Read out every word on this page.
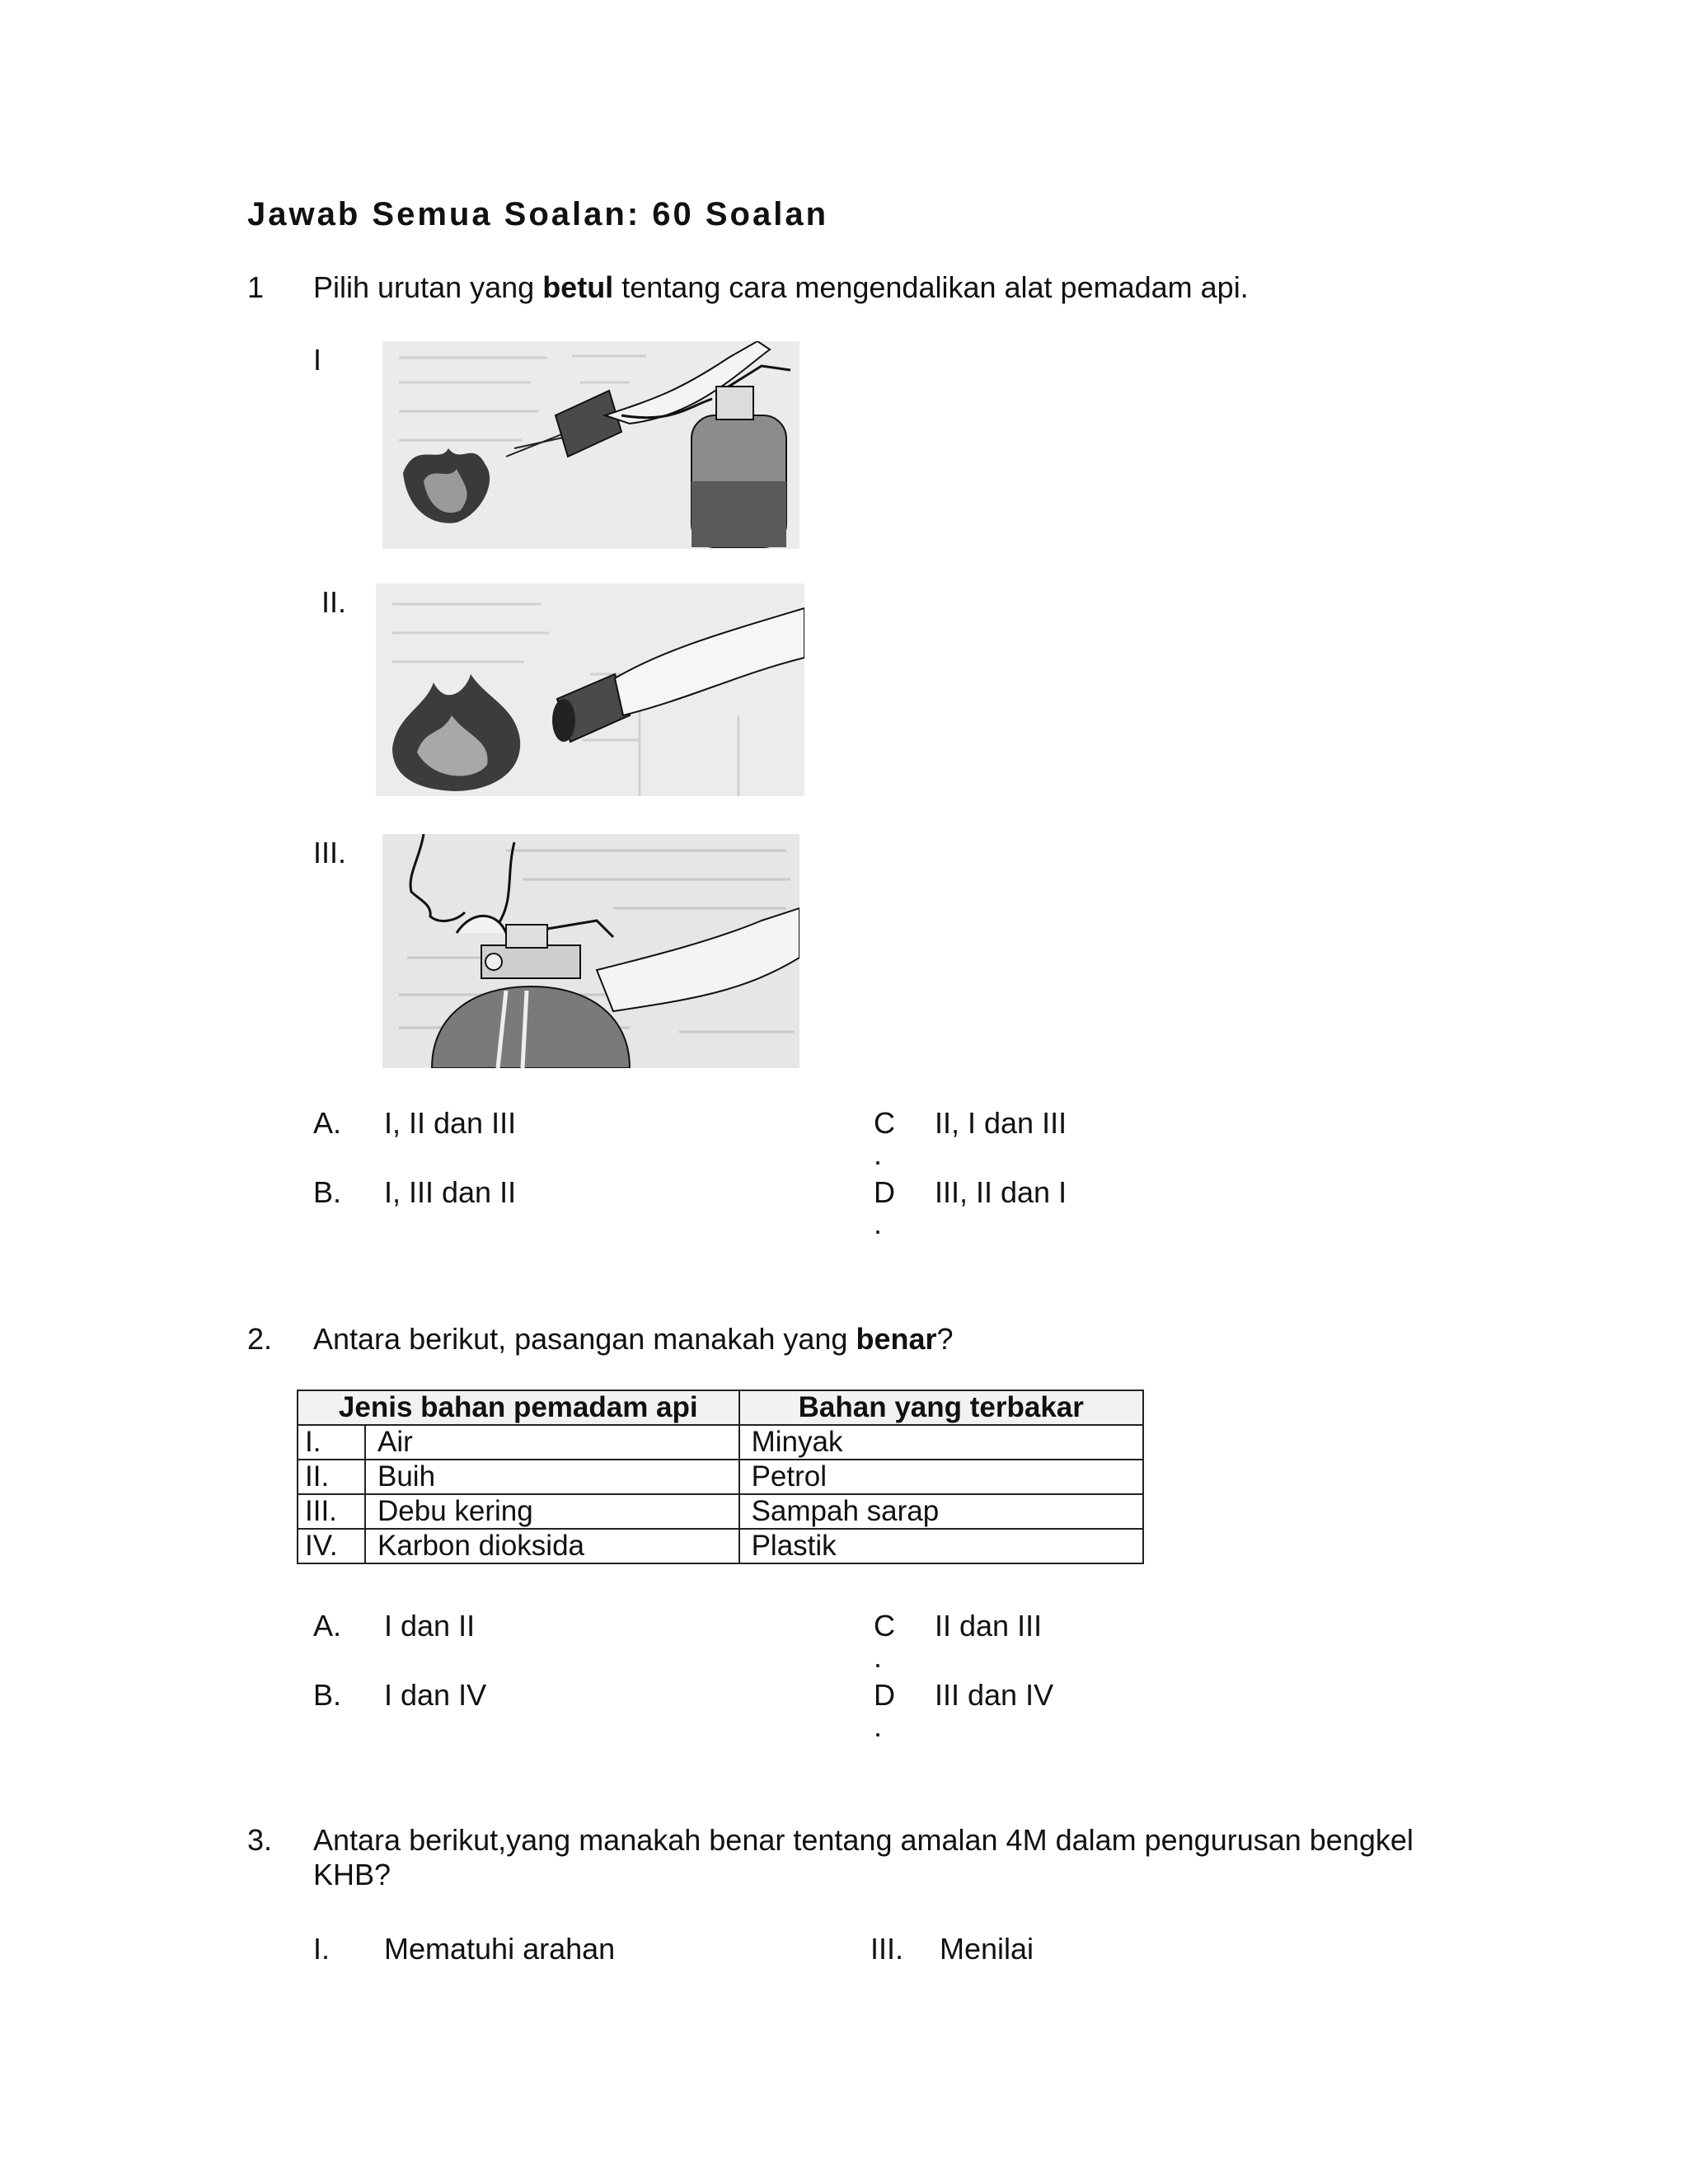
Jawab Semua Soalan: 60 Soalan
1 Pilih urutan yang betul tentang cara mengendalikan alat pemadam api.
I
II.
III.
A. I, II dan III
B. I, III dan II
C
.
II, I dan III
D
.
III, II dan I
2. Antara berikut, pasangan manakah yang benar?
Jenis bahan pemadam api		Bahan yang terbakar
I.	Air	Minyak
II.	Buih	Petrol
III.	Debu kering	Sampah sarap
IV.	Karbon dioksida	Plastik
A. I dan II
B. I dan IV
C
.
II dan III
D
.
III dan IV
3. Antara berikut,yang manakah benar tentang amalan 4M dalam pengurusan bengkel
KHB?
I. Mematuhi arahan	III. Menilai
